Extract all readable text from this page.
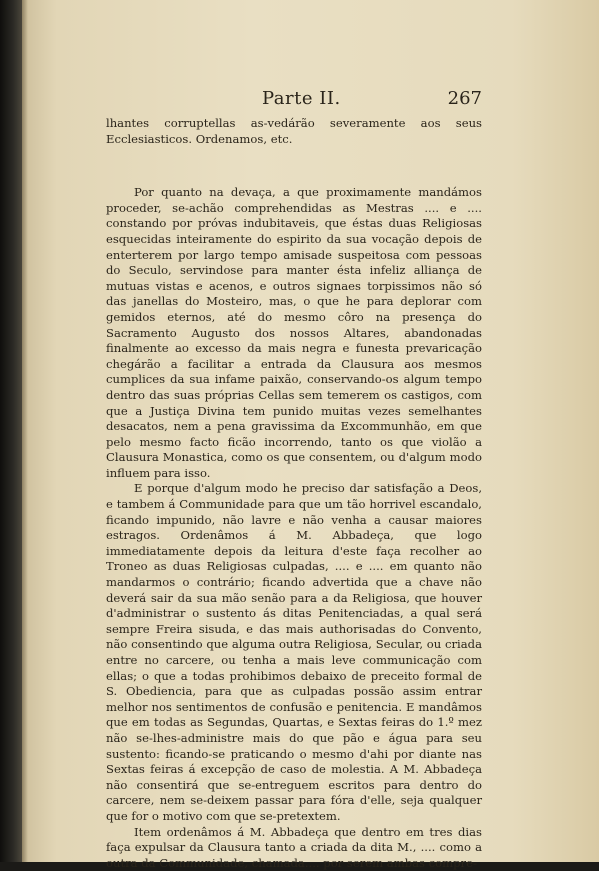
Parte II.	267

lhantes corruptellas as-vedárão severamente aos seus Ecclesiasticos. Ordenamos, etc.

Por quanto na devaça, a que proximamente mandámos proceder, se-achão comprehendidas as Mestras .... e .... constando por próvas indubitaveis, que éstas duas Religiosas esquecidas inteiramente do espirito da sua vocação depois de enterterem por largo tempo amisade suspeitosa com pessoas do Seculo, servindose para manter ésta infeliz alliança de mutuas vistas e acenos, e outros signaes torpissimos não só das janellas do Mosteiro, mas, o que he para deplorar com gemidos eternos, até do mesmo côro na presença do Sacramento Augusto dos nossos Altares, abandonadas finalmente ao excesso da mais negra e funesta prevaricação chegárão a facilitar a entrada da Clausura aos mesmos cumplices da sua infame paixão, conservando-os algum tempo dentro das suas próprias Cellas sem temerem os castigos, com que a Justiça Divina tem punido muitas vezes semelhantes desacatos, nem a pena gravissima da Excommunhão, em que pelo mesmo facto ficão incorrendo, tanto os que violão a Clausura Monastica, como os que consentem, ou d'algum modo influem para isso.

E porque d'algum modo he preciso dar satisfação a Deos, e tambem á Communidade para que um tão horrivel escandalo, ficando impunido, não lavre e não venha a causar maiores estragos. Ordenâmos á M. Abbadeça, que logo immediatamente depois da leitura d'este faça recolher ao Troneo as duas Religiosas culpadas, .... e .... em quanto não mandarmos o contrário; ficando advertida que a chave não deverá sair da sua mão senão para a da Religiosa, que houver d'administrar o sustento ás ditas Penitenciadas, a qual será sempre Freira sisuda, e das mais authorisadas do Convento, não consentindo que alguma outra Religiosa, Secular, ou criada entre no carcere, ou tenha a mais leve communicação com ellas; o que a todas prohibimos debaixo de preceito formal de S. Obediencia, para que as culpadas possão assim entrar melhor nos sentimentos de confusão e penitencia. E mandâmos que em todas as Segundas, Quartas, e Sextas feiras do 1.º mez não se-lhes-administre mais do que pão e água para seu sustento: ficando-se praticando o mesmo d'ahi por diante nas Sextas feiras á excepção de caso de molestia. A M. Abbadeça não consentirá que se-entreguem escritos para dentro do carcere, nem se-deixem passar para fóra d'elle, seja qualquer que for o motivo com que se-pretextem.

Item ordenâmos á M. Abbadeça que dentro em tres dias faça expulsar da Clausura tanto a criada da dita M., .... como a outra da Communidade, chamada.... por serem ambas compre-
